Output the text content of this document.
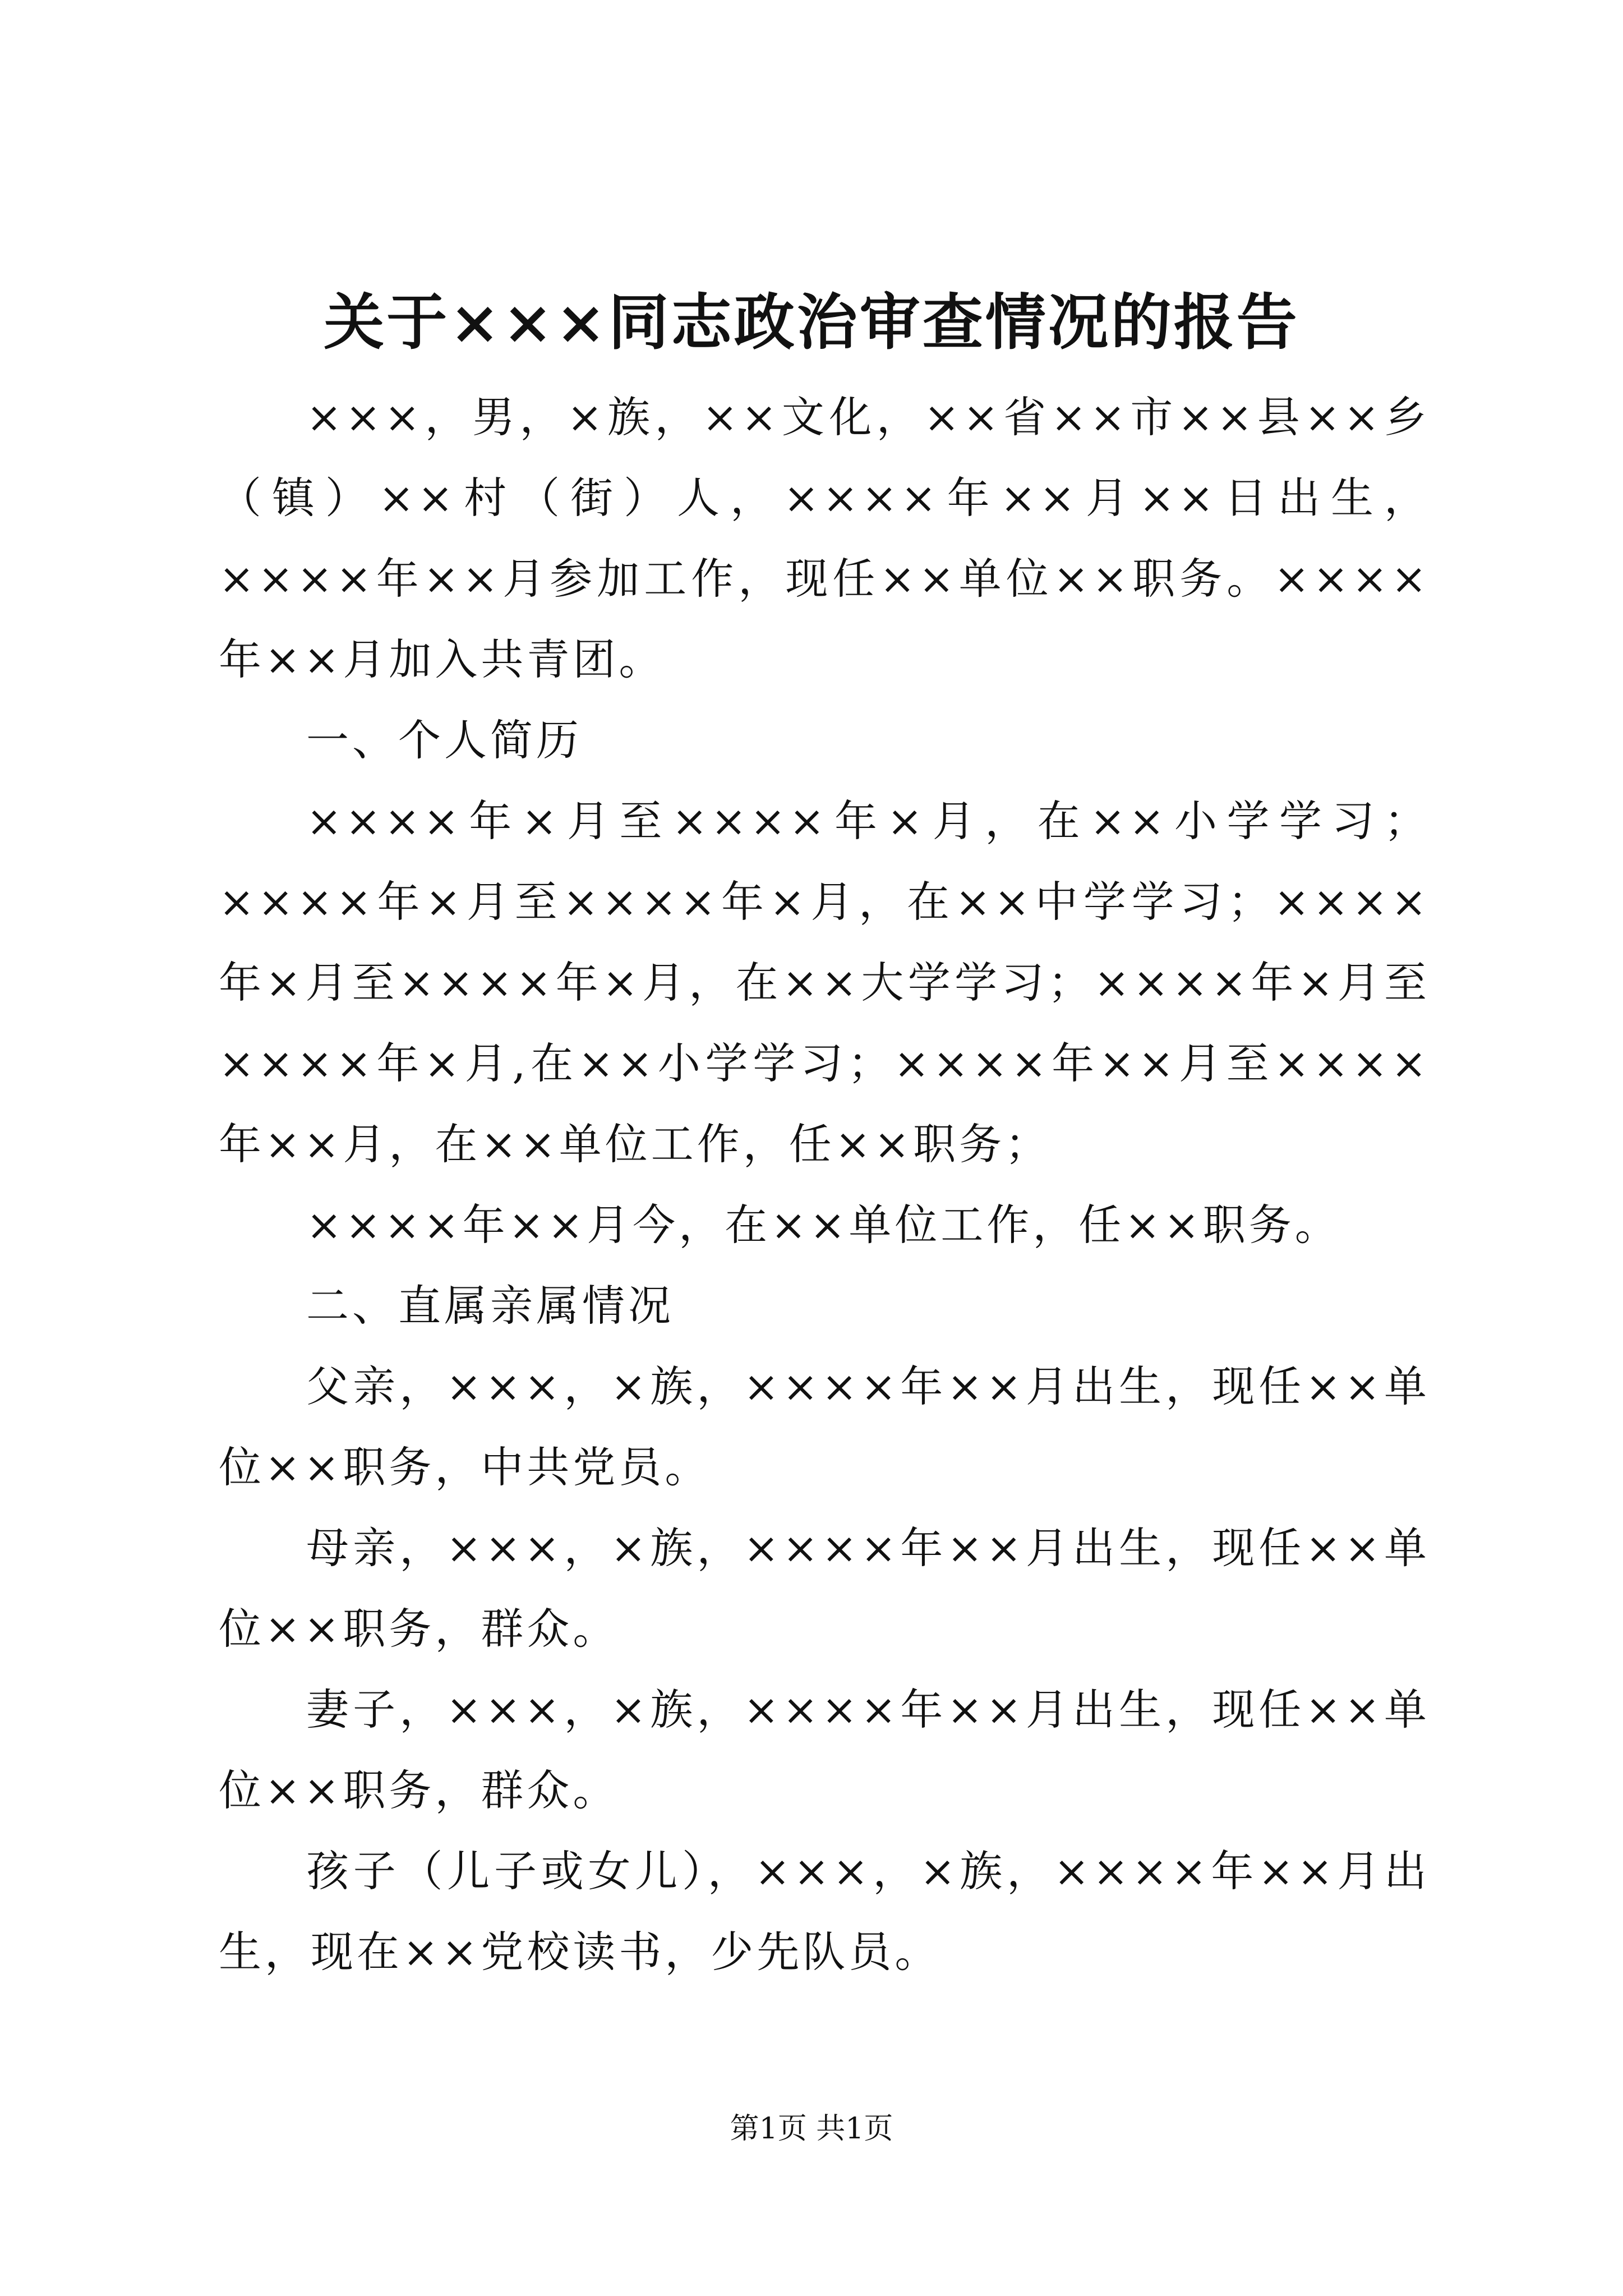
关于×××同志政治审查情况的报告

×××，男，×族，××文化，××省××市××县××乡（镇）××村（街）人，××××年××月××日出生，××××年××月参加工作，现任××单位××职务。××××年××月加入共青团。

一、个人简历

××××年×月至××××年×月，在××小学学习；××××年×月至××××年×月，在××中学学习；××××年×月至××××年×月，在××大学学习；××××年×月至××××年×月,在××小学学习；××××年××月至××××年××月，在××单位工作，任××职务；

××××年××月今，在××单位工作，任××职务。

二、直属亲属情况

父亲，×××，×族，××××年××月出生，现任××单位××职务，中共党员。

母亲，×××，×族，××××年××月出生，现任××单位××职务，群众。

妻子，×××，×族，××××年××月出生，现任××单位××职务，群众。

孩子（儿子或女儿），×××，×族，××××年××月出生，现在××党校读书，少先队员。

第1页 共1页
